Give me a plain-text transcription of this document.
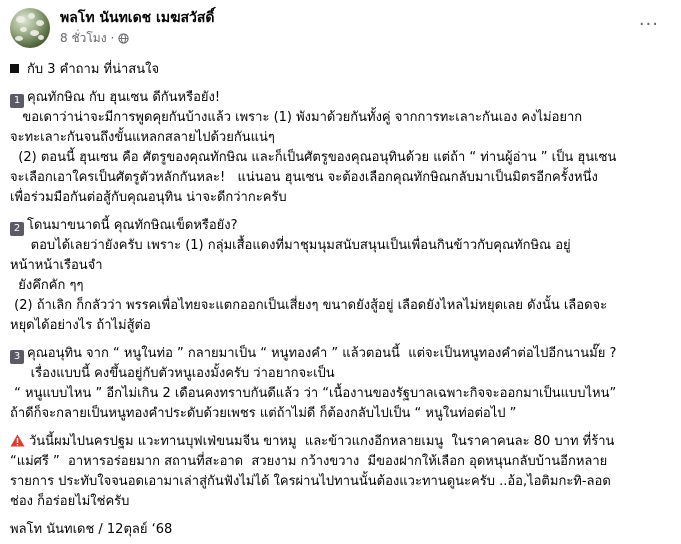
พลโท นันทเดช เมฆสวัสดิ์
8 ชั่วโมง ·
···

กับ 3 คำถาม ที่น่าสนใจ

1 คุณทักษิณ กับ ฮุนเซน ดีกันหรือยัง!

ขอเดาว่าน่าจะมีการพูดคุยกันบ้างแล้ว เพราะ (1) พังมาด้วยกันทั้งคู่ จากการทะเลาะกันเอง คงไม่อยาก

จะทะเลาะกันจนถึงขั้นแหลกสลายไปด้วยกันแน่ๆ

(2) ตอนนี้ ฮุนเซน คือ ศัตรูของคุณทักษิณ และก็เป็นศัตรูของคุณอนุทินด้วย แต่ถ้า “ ท่านผู้อ่าน ” เป็น ฮุนเซน

จะเลือกเอาใครเป็นศัตรูตัวหลักกันหละ!   แน่นอน ฮุนเซน จะต้องเลือกคุณทักษิณกลับมาเป็นมิตรอีกครั้งหนึ่ง

เพื่อร่วมมือกันต่อสู้กับคุณอนุทิน น่าจะดีกว่ากะครับ

2 โดนมาขนาดนี้ คุณทักษิณเข็ดหรือยัง?

ตอบได้เลยว่ายังครับ เพราะ (1) กลุ่มเสื้อแดงที่มาชุมนุมสนับสนุนเป็นเพื่อนกินข้าวกับคุณทักษิณ อยู่

หน้าหน้าเรือนจำ

ยังคึกคัก ๆๆ

(2) ถ้าเลิก ก็กลัวว่า พรรคเพื่อไทยจะแตกออกเป็นเสี่ยงๆ ขนาดยังสู้อยู่ เลือดยังไหลไม่หยุดเลย ดังนั้น เลือดจะ

หยุดได้อย่างไร ถ้าไม่สู้ต่อ

3 คุณอนุทิน จาก “ หนูในท่อ ” กลายมาเป็น “ หนูทองคำ ” แล้วตอนนี้  แต่จะเป็นหนูทองคำต่อไปอีกนานมั๊ย ?

เรื่องแบบนี้ คงขึ้นอยู่กับตัวหนูเองมั้งครับ ว่าอยากจะเป็น

“ หนูแบบไหน ” อีกไม่เกิน 2 เดือนคงทราบกันดีแล้ว ว่า “เนื้องานของรัฐบาลเฉพาะกิจจะออกมาเป็นแบบไหน”

ถ้าดีก็จะกลายเป็นหนูทองคำประดับด้วยเพชร แต่ถ้าไม่ดี ก็ต้องกลับไปเป็น “ หนูในท่อต่อไป ”

วันนี้ผมไปนครปฐม แวะทานบุฟเฟ่ขนมจีน ขาหมู  และข้าวแกงอีกหลายเมนู  ในราคาคนละ 80 บาท ที่ร้าน

“แม่ศรี ”  อาหารอร่อยมาก สถานที่สะอาด  สวยงาม กว้างขวาง  มีของฝากให้เลือก อุดหนุนกลับบ้านอีกหลาย

รายการ ประทับใจจนอดเอามาเล่าสู่กันฟังไม่ได้ ใครผ่านไปทานนั้นต้องแวะทานดูนะครับ ..อ้อ,ไอติมกะทิ-ลอด

ช่อง ก็อร่อยไม่ใช่ครับ

พลโท นันทเดช / 12ตุลย์ ‘68
